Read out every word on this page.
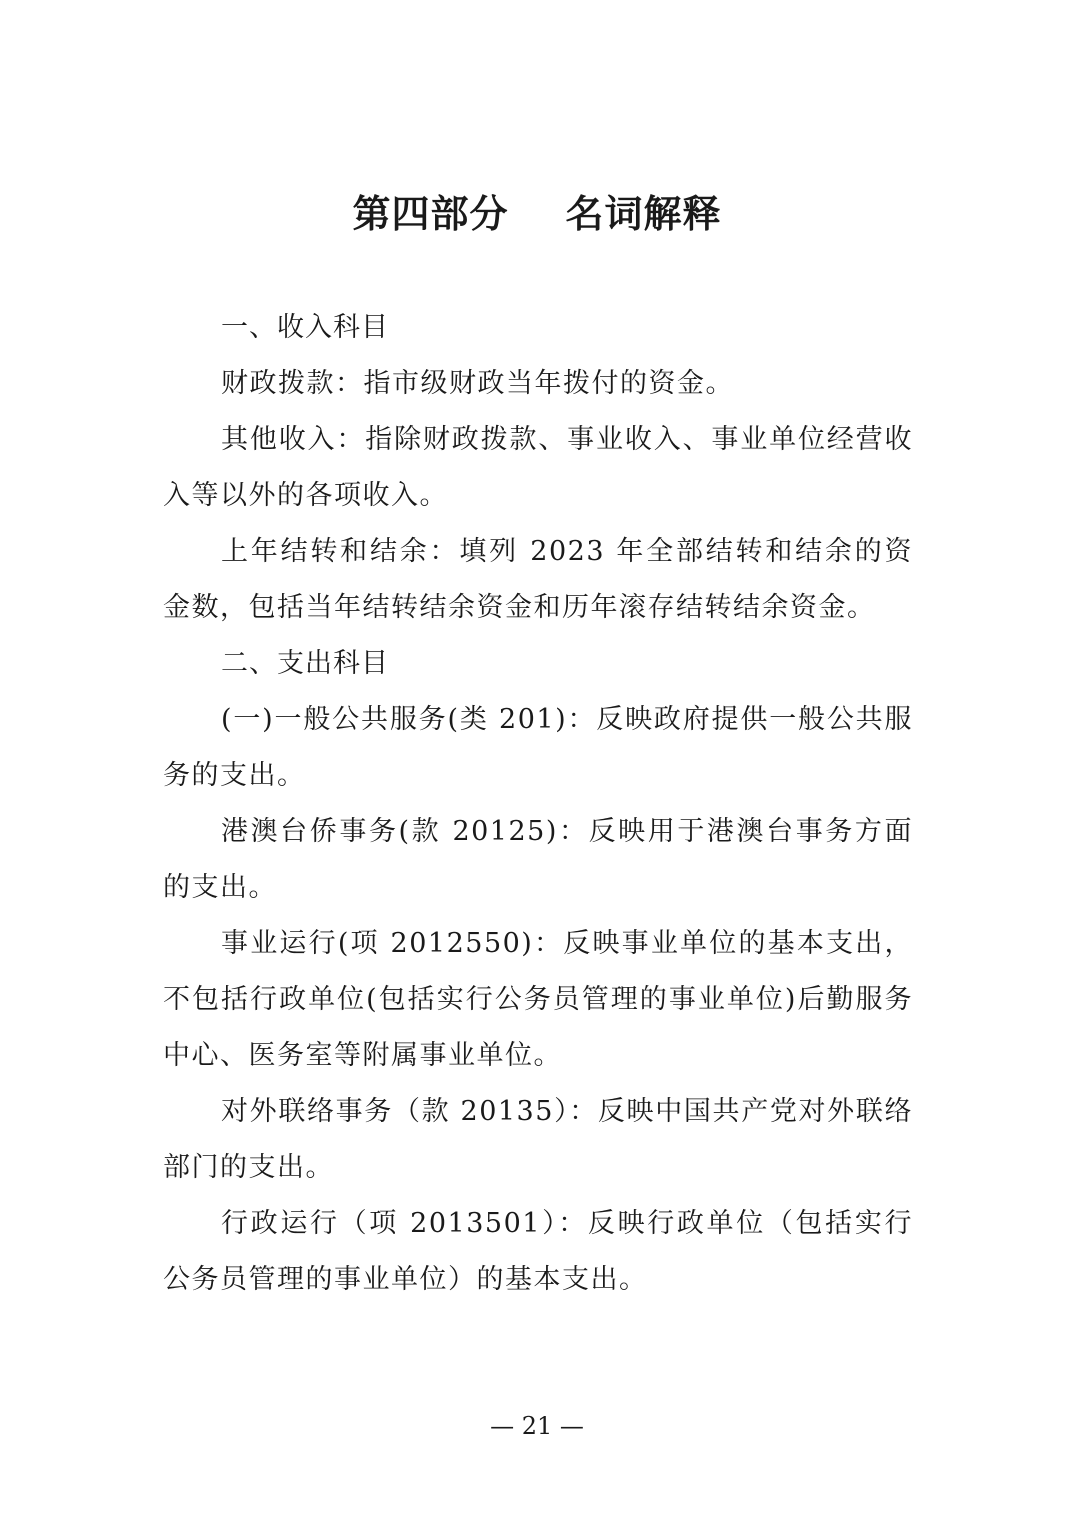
第四部分    名词解释

一、收入科目

财政拨款：指市级财政当年拨付的资金。

其他收入：指除财政拨款、事业收入、事业单位经营收入等以外的各项收入。

上年结转和结余：填列 2023 年全部结转和结余的资金数，包括当年结转结余资金和历年滚存结转结余资金。

二、支出科目

(一)一般公共服务(类 201)：反映政府提供一般公共服务的支出。

港澳台侨事务(款 20125)：反映用于港澳台事务方面的支出。

事业运行(项 2012550)：反映事业单位的基本支出，不包括行政单位(包括实行公务员管理的事业单位)后勤服务中心、医务室等附属事业单位。

对外联络事务（款 20135）：反映中国共产党对外联络部门的支出。

行政运行（项 2013501）：反映行政单位（包括实行公务员管理的事业单位）的基本支出。

— 21 —
